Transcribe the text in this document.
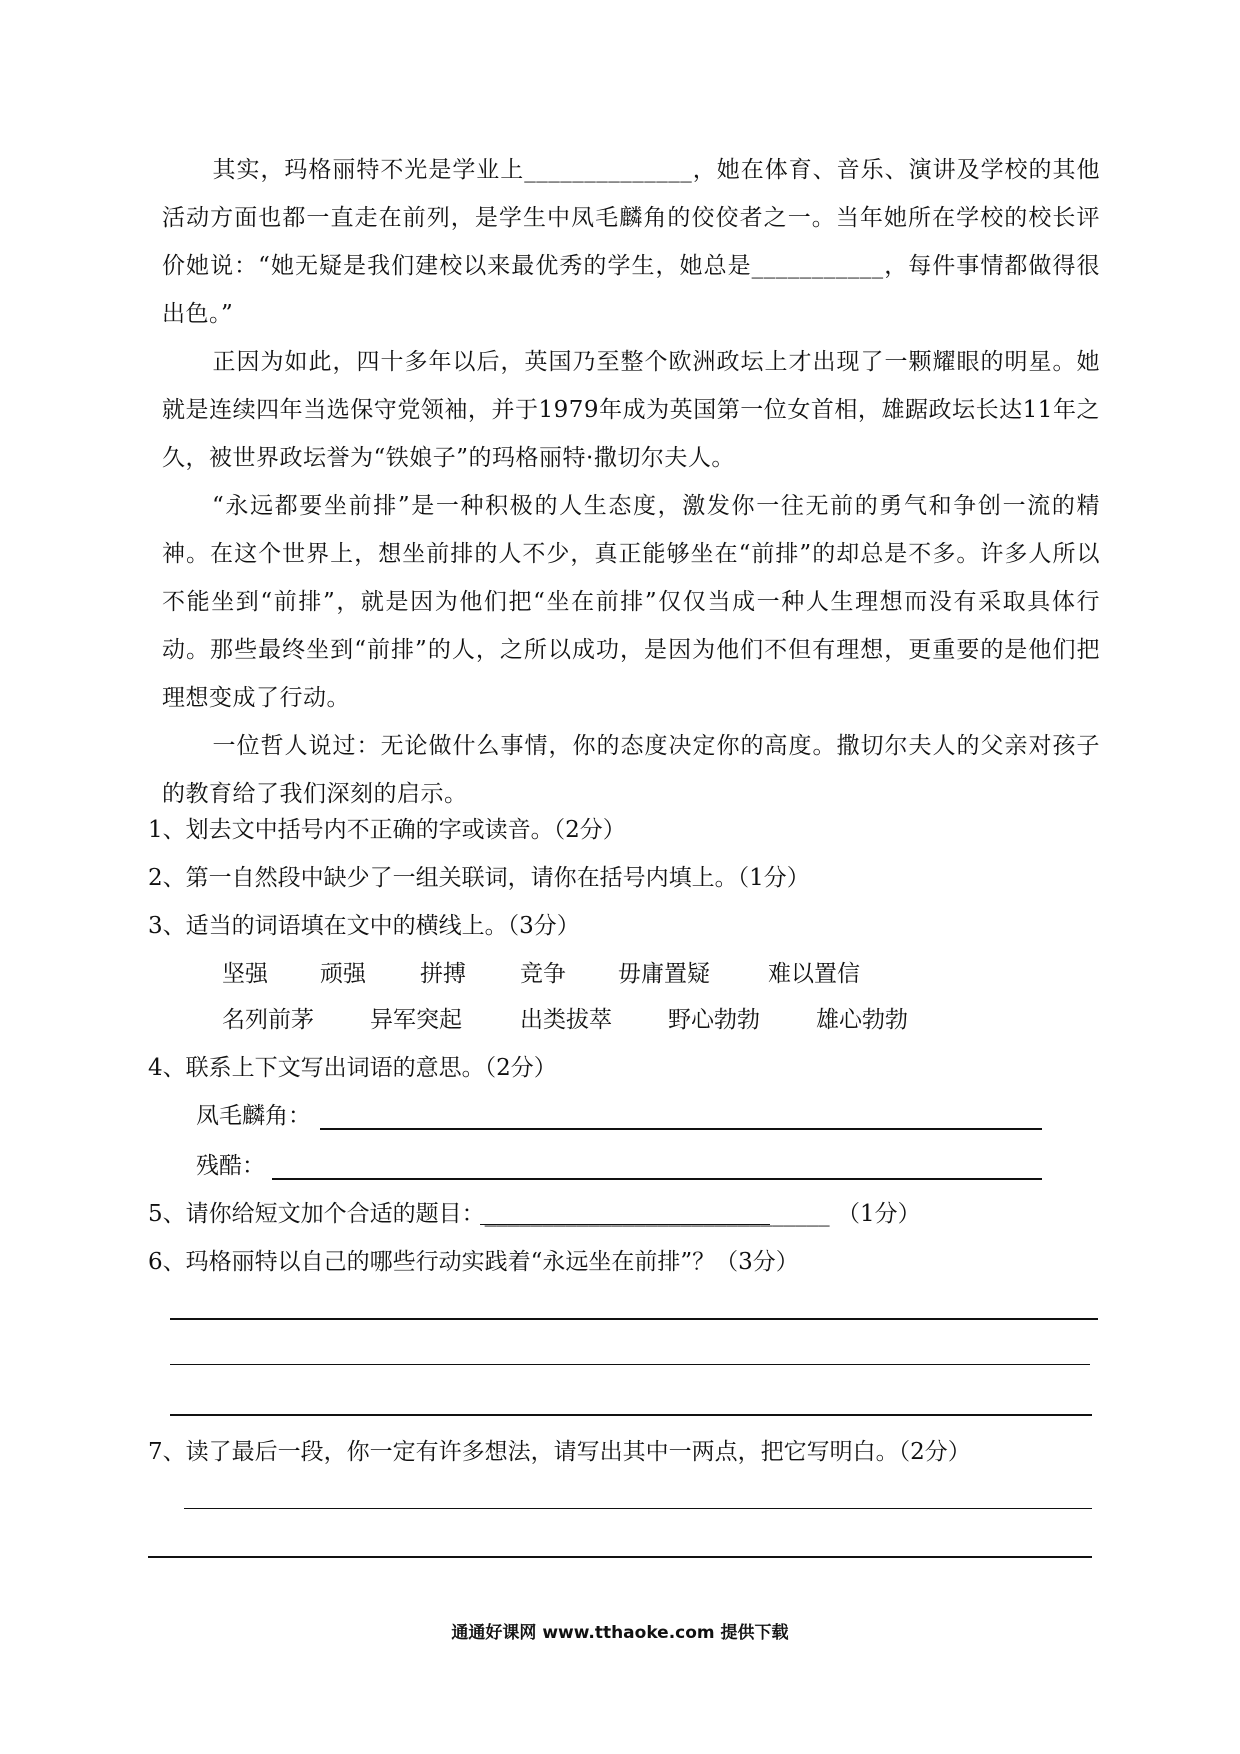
其实，玛格丽特不光是学业上______________，她在体育、音乐、演讲及学校的其他活动方面也都一直走在前列，是学生中凤毛麟角的佼佼者之一。当年她所在学校的校长评价她说：“她无疑是我们建校以来最优秀的学生，她总是___________，每件事情都做得很出色。”

正因为如此，四十多年以后，英国乃至整个欧洲政坛上才出现了一颗耀眼的明星。她就是连续四年当选保守党领袖，并于1979年成为英国第一位女首相，雄踞政坛长达11年之久，被世界政坛誉为“铁娘子”的玛格丽特·撒切尔夫人。

“永远都要坐前排”是一种积极的人生态度，激发你一往无前的勇气和争创一流的精神。在这个世界上，想坐前排的人不少，真正能够坐在“前排”的却总是不多。许多人所以不能坐到“前排”，就是因为他们把“坐在前排”仅仅当成一种人生理想而没有采取具体行动。那些最终坐到“前排”的人，之所以成功，是因为他们不但有理想，更重要的是他们把理想变成了行动。

一位哲人说过：无论做什么事情，你的态度决定你的高度。撒切尔夫人的父亲对孩子的教育给了我们深刻的启示。

1、划去文中括号内不正确的字或读音。（2分）

2、第一自然段中缺少了一组关联词，请你在括号内填上。（1分）

3、适当的词语填在文中的横线上。（3分）

坚强 顽强 拼搏 竞争 毋庸置疑	难以置信
名列前茅 异军突起	出类拔萃 野心勃勃 雄心勃勃

4、联系上下文写出词语的意思。（2分）

凤毛麟角：
残酷：

5、请你给短文加个合适的题目：______________________________ （1分）

6、玛格丽特以自己的哪些行动实践着“永远坐在前排”？（3分）

7、读了最后一段，你一定有许多想法，请写出其中一两点，把它写明白。（2分）

通通好课网 www.tthaoke.com 提供下载
